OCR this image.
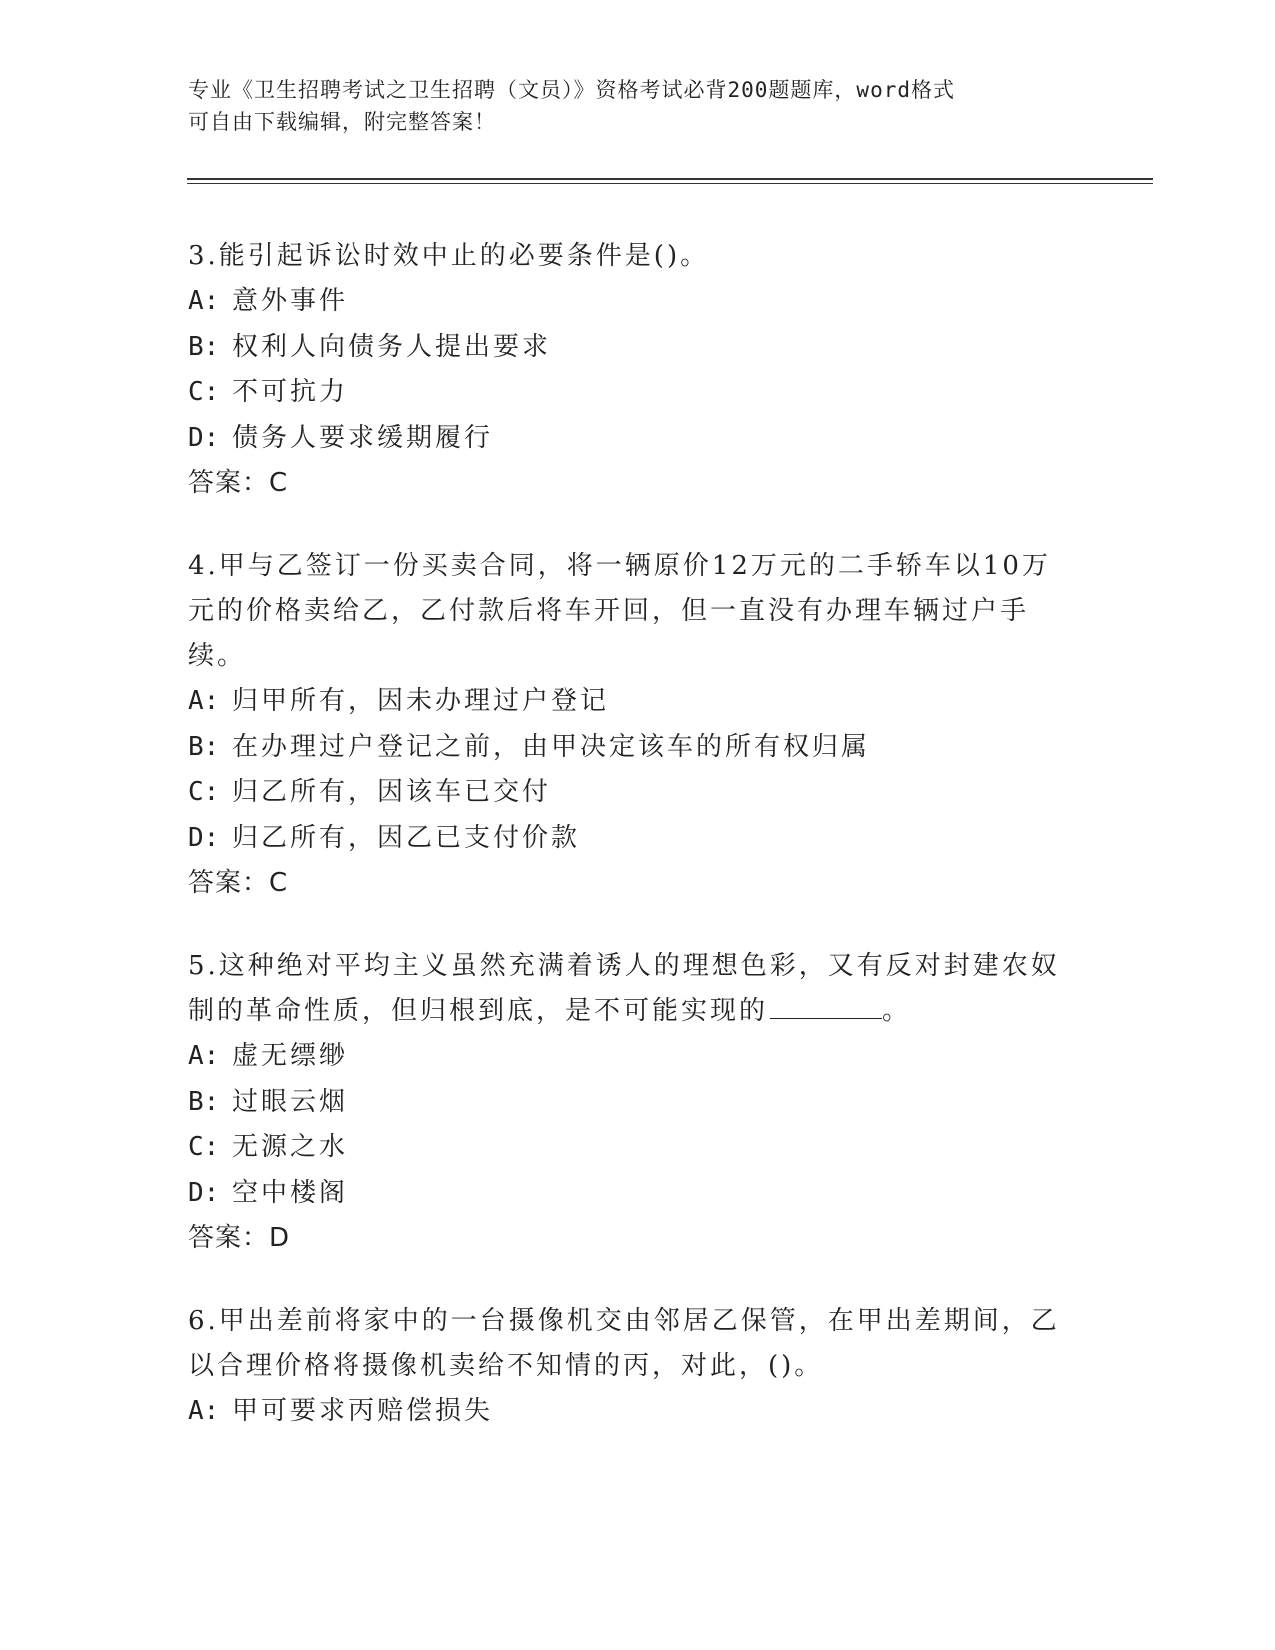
专业《卫生招聘考试之卫生招聘（文员）》资格考试必背200题题库，word格式
可自由下载编辑，附完整答案！
3.能引起诉讼时效中止的必要条件是()。
A: 意外事件
B: 权利人向债务人提出要求
C: 不可抗力
D: 债务人要求缓期履行
答案：C
4.甲与乙签订一份买卖合同，将一辆原价12万元的二手轿车以10万元的价格卖给乙，乙付款后将车开回，但一直没有办理车辆过户手续。
A: 归甲所有，因未办理过户登记
B: 在办理过户登记之前，由甲决定该车的所有权归属
C: 归乙所有，因该车已交付
D: 归乙所有，因乙已支付价款
答案：C
5.这种绝对平均主义虽然充满着诱人的理想色彩，又有反对封建农奴制的革命性质，但归根到底，是不可能实现的	。
A: 虚无缥缈
B: 过眼云烟
C: 无源之水
D: 空中楼阁
答案：D
6.甲出差前将家中的一台摄像机交由邻居乙保管，在甲出差期间，乙以合理价格将摄像机卖给不知情的丙，对此，()。
A: 甲可要求丙赔偿损失
